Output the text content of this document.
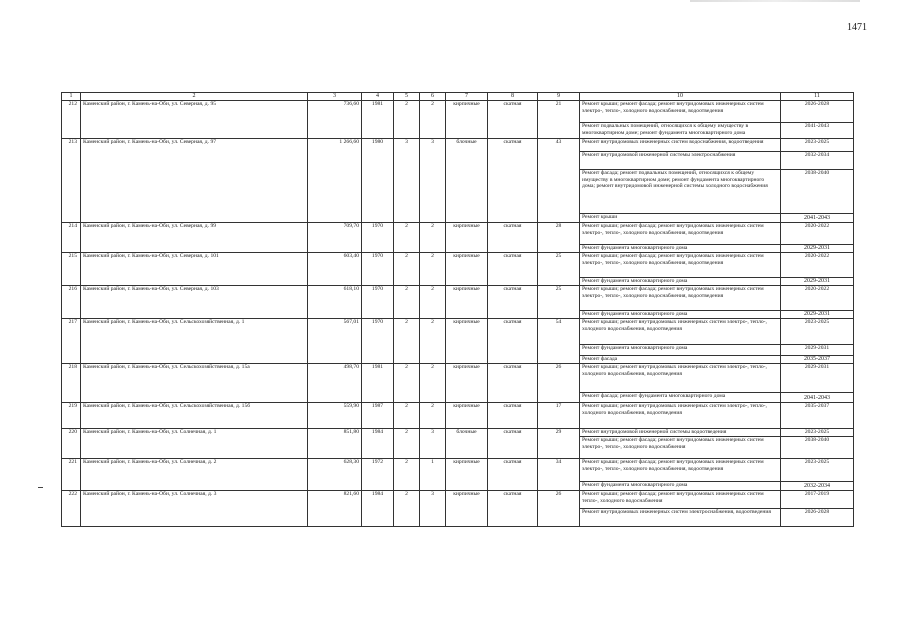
1471
1	2	3	4	5	6	7	8	9	10	11
212	Каменский район, г. Камень-на-Оби, ул. Северная, д. 95	736,60	1981	2	2	кирпичные	скатная	21	Ремонт крыши; ремонт фасада; ремонт внутридомовых инженерных систем электро-, тепло-, холодного водоснабжения, водоотведения	2026-2028
									Ремонт подвальных помещений, относящихся к общему имуществу в многоквартирном доме; ремонт фундамента многоквартирного дома	2041-2043
213	Каменский район, г. Камень-на-Оби, ул. Северная, д. 97	1 266,60	1980	3	3	блочные	скатная	43	Ремонт внутридомовых инженерных систем водоснабжения, водоотведения	2023-2025
									Ремонт внутридомовой инженерной системы электроснабжения	2032-2034
									Ремонт фасада; ремонт подвальных помещений, относящихся к общему имуществу в многоквартирном доме; ремонт фундамента многоквартирного дома; ремонт внутридомовой инженерной системы холодного водоснабжения	2038-2040
									Ремонт крыши	2041-2043
214	Каменский район, г. Камень-на-Оби, ул. Северная, д. 99	709,70	1970	2	2	кирпичные	скатная	28	Ремонт крыши; ремонт фасада; ремонт внутридомовых инженерных систем электро-, тепло-, холодного водоснабжения, водоотведения	2020-2022
									Ремонт фундамента многоквартирного дома	2029-2031
215	Каменский район, г. Камень-на-Оби, ул. Северная, д. 101	603,40	1970	2	2	кирпичные	скатная	25	Ремонт крыши; ремонт фасада; ремонт внутридомовых инженерных систем электро-, тепло-, холодного водоснабжения, водоотведения	2020-2022
									Ремонт фундамента многоквартирного дома	2029-2031
216	Каменский район, г. Камень-на-Оби, ул. Северная, д. 103	618,10	1970	2	2	кирпичные	скатная	25	Ремонт крыши; ремонт фасада; ремонт внутридомовых инженерных систем электро-, тепло-, холодного водоснабжения, водоотведения	2020-2022
									Ремонт фундамента многоквартирного дома	2029-2031
217	Каменский район, г. Камень-на-Оби, ул. Сельскохозяйственная, д. 1	567,01	1970	2	2	кирпичные	скатная	54	Ремонт крыши; ремонт внутридомовых инженерных систем электро-, тепло-, холодного водоснабжения, водоотведения	2023-2025
									Ремонт фундамента многоквартирного дома	2029-2031
									Ремонт фасада	2035-2037
218	Каменский район, г. Камень-на-Оби, ул. Сельскохозяйственная, д. 15а	498,70	1981	2	2	кирпичные	скатная	26	Ремонт крыши; ремонт внутридомовых инженерных систем электро-, тепло-, холодного водоснабжения, водоотведения	2029-2031
									Ремонт фасада; ремонт фундамента многоквартирного дома	2041-2043
219	Каменский район, г. Камень-на-Оби, ул. Сельскохозяйственная, д. 15б	559,90	1987	2	2	кирпичные	скатная	17	Ремонт крыши; ремонт внутридомовых инженерных систем электро-, тепло-, холодного водоснабжения, водоотведения	2035-2037
220	Каменский район, г. Камень-на-Оби, ул. Солнечная, д. 1	851,80	1984	2	3	блочные	скатная	29	Ремонт внутридомовой инженерной системы водоотведения	2023-2025
									Ремонт крыши; ремонт фасада; ремонт внутридомовых инженерных систем электро-, тепло-, холодного водоснабжения	2038-2040
221	Каменский район, г. Камень-на-Оби, ул. Солнечная, д. 2	628,30	1972	2	1	кирпичные	скатная	34	Ремонт крыши; ремонт фасада; ремонт внутридомовых инженерных систем электро-, тепло-, холодного водоснабжения, водоотведения	2023-2025
									Ремонт фундамента многоквартирного дома	2032-2034
222	Каменский район, г. Камень-на-Оби, ул. Солнечная, д. 3	821,60	1984	2	3	кирпичные	скатная	26	Ремонт крыши; ремонт фасада; ремонт внутридомовых инженерных систем тепло-, холодного водоснабжения	2017-2019
									Ремонт внутридомовых инженерных систем электроснабжения, водоотведения	2026-2028
